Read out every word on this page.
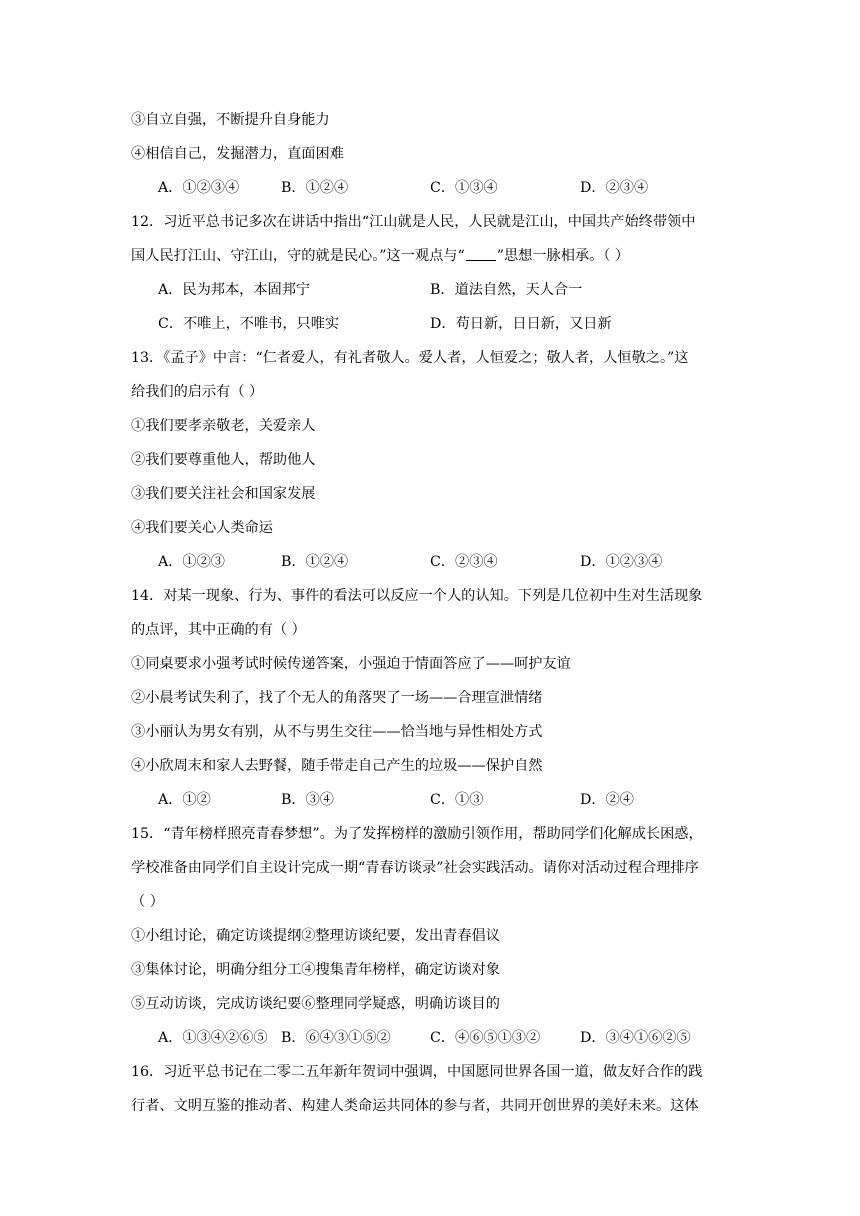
③自立自强，不断提升自身能力
④相信自己，发掘潜力，直面困难
A．①②③④	B．①②④	C．①③④	D．②③④
12．习近平总书记多次在讲话中指出“江山就是人民，人民就是江山，中国共产始终带领中
国人民打江山、守江山，守的就是民心。”这一观点与“ ”思想一脉相承。（ ）
A．民为邦本，本固邦宁	B．道法自然，天人合一
C．不唯上，不唯书，只唯实	D．苟日新，日日新，又日新
13．《孟子》中言：“仁者爱人，有礼者敬人。爱人者，人恒爱之；敬人者，人恒敬之。”这
给我们的启示有（ ）
①我们要孝亲敬老，关爱亲人
②我们要尊重他人，帮助他人
③我们要关注社会和国家发展
④我们要关心人类命运
A．①②③	B．①②④	C．②③④	D．①②③④
14．对某一现象、行为、事件的看法可以反应一个人的认知。下列是几位初中生对生活现象
的点评，其中正确的有（ ）
①同桌要求小强考试时候传递答案，小强迫于情面答应了——呵护友谊
②小晨考试失利了，找了个无人的角落哭了一场——合理宣泄情绪
③小丽认为男女有别，从不与男生交往——恰当地与异性相处方式
④小欣周末和家人去野餐，随手带走自己产生的垃圾——保护自然
A．①②	B．③④	C．①③	D．②④
15．“青年榜样照亮青春梦想”。为了发挥榜样的激励引领作用，帮助同学们化解成长困惑，
学校准备由同学们自主设计完成一期“青春访谈录”社会实践活动。请你对活动过程合理排序
（ ）
①小组讨论，确定访谈提纲②整理访谈纪要，发出青春倡议
③集体讨论，明确分组分工④搜集青年榜样，确定访谈对象
⑤互动访谈，完成访谈纪要⑥整理同学疑惑，明确访谈目的
A．①③④②⑥⑤ B．⑥④③①⑤②	C．④⑥⑤①③②	D．③④①⑥②⑤
16．习近平总书记在二零二五年新年贺词中强调，中国愿同世界各国一道，做友好合作的践
行者、文明互鉴的推动者、构建人类命运共同体的参与者，共同开创世界的美好未来。这体
